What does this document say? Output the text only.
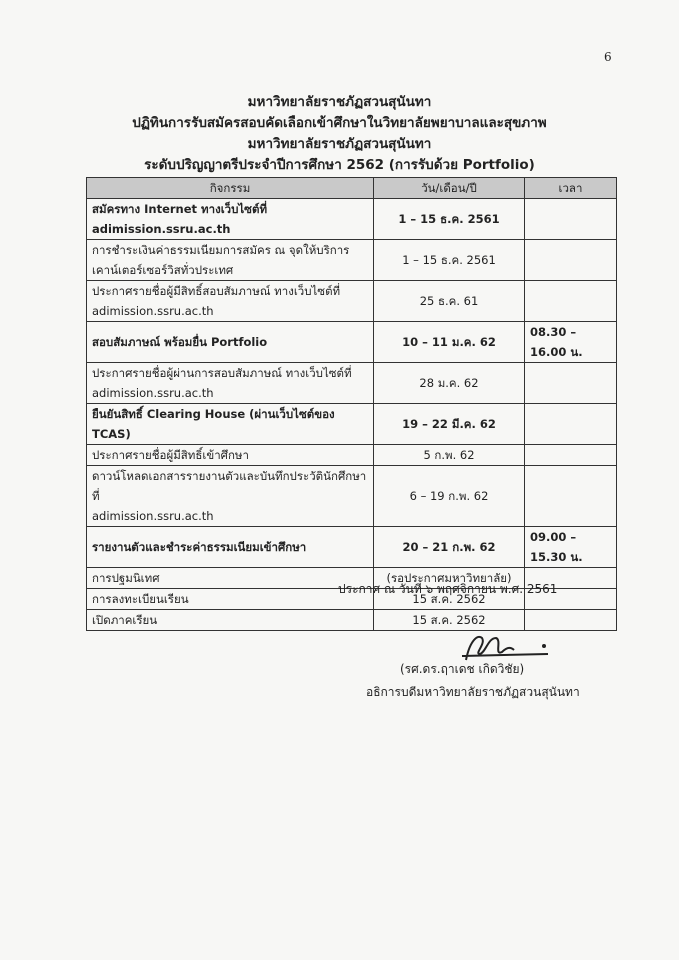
6
มหาวิทยาลัยราชภัฏสวนสุนันทา
ปฏิทินการรับสมัครสอบคัดเลือกเข้าศึกษาในวิทยาลัยพยาบาลและสุขภาพ
มหาวิทยาลัยราชภัฏสวนสุนันทา
ระดับปริญญาตรีประจำปีการศึกษา 2562 (การรับด้วย Portfolio)
กิจกรรม	วัน/เดือน/ปี	เวลา

สมัครทาง Internet ทางเว็บไซต์ที่
adimission.ssru.ac.th	1 – 15 ธ.ค. 2561	

การชำระเงินค่าธรรมเนียมการสมัคร ณ จุดให้บริการ
เคาน์เตอร์เซอร์วิสทั่วประเทศ	1 – 15 ธ.ค. 2561	

ประกาศรายชื่อผู้มีสิทธิ์สอบสัมภาษณ์ ทางเว็บไซต์ที่
adimission.ssru.ac.th	25 ธ.ค. 61	

สอบสัมภาษณ์ พร้อมยื่น Portfolio	10 – 11 ม.ค. 62	08.30 – 16.00 น.

ประกาศรายชื่อผู้ผ่านการสอบสัมภาษณ์ ทางเว็บไซต์ที่
adimission.ssru.ac.th	28 ม.ค. 62	

ยืนยันสิทธิ์ Clearing House (ผ่านเว็บไซต์ของ TCAS)	19 – 22 มี.ค. 62	

ประกาศรายชื่อผู้มีสิทธิ์เข้าศึกษา	5 ก.พ. 62	

ดาวน์โหลดเอกสารรายงานตัวและบันทึกประวัตินักศึกษา ที่
adimission.ssru.ac.th	6 – 19 ก.พ. 62	

รายงานตัวและชำระค่าธรรมเนียมเข้าศึกษา	20 – 21 ก.พ. 62	09.00 – 15.30 น.

การปฐมนิเทศ	(รอประกาศมหาวิทยาลัย)	

การลงทะเบียนเรียน	15 ส.ค. 2562	

เปิดภาคเรียน	15 ส.ค. 2562	
ประกาศ ณ วันที่ ๖ พฤศจิกายน พ.ศ. 2561
(รศ.ดร.ฤาเดช เกิดวิชัย)
อธิการบดีมหาวิทยาลัยราชภัฏสวนสุนันทา
